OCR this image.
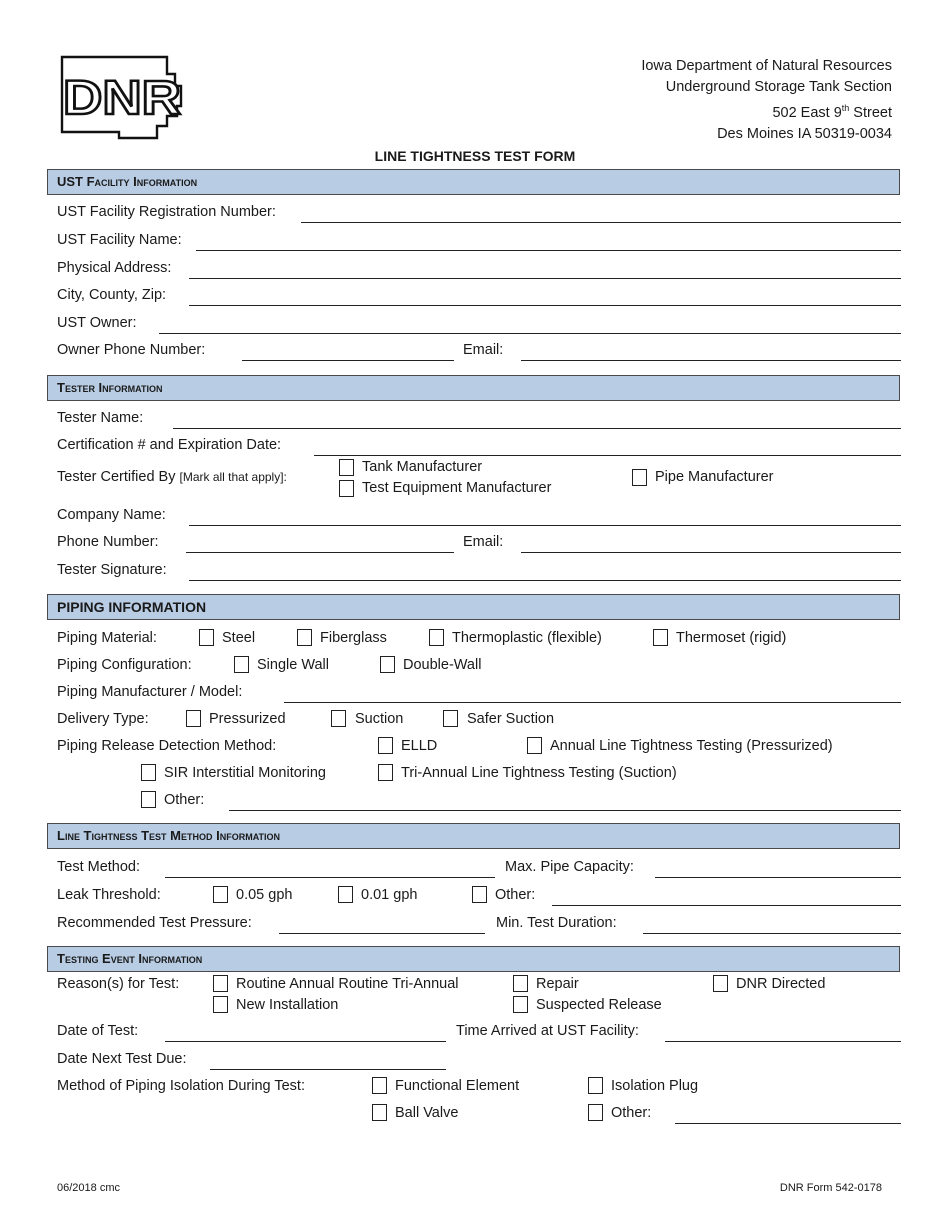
DNR
Iowa Department of Natural Resources
Underground Storage Tank Section
502 East 9th Street
Des Moines IA 50319-0034
LINE TIGHTNESS TEST FORM
UST Facility Information
UST Facility Registration Number:
UST Facility Name:
Physical Address:
City, County, Zip:
UST Owner:
Owner Phone Number:	Email:
Tester Information
Tester Name:
Certification # and Expiration Date:
Tester Certified By [Mark all that apply]:
Tank Manufacturer
Test Equipment Manufacturer
Pipe Manufacturer
Company Name:
Phone Number:	Email:
Tester Signature:
PIPING INFORMATION
Piping Material:	Steel	Fiberglass	Thermoplastic (flexible)	Thermoset (rigid)
Piping Configuration:	Single Wall	Double-Wall
Piping Manufacturer / Model:
Delivery Type:	Pressurized	Suction	Safer Suction
Piping Release Detection Method:	ELLD	Annual Line Tightness Testing (Pressurized)
SIR Interstitial Monitoring	Tri-Annual Line Tightness Testing (Suction)
Other:
Line Tightness Test Method Information
Test Method:	Max. Pipe Capacity:
Leak Threshold:	0.05 gph	0.01 gph	Other:
Recommended Test Pressure:	Min. Test Duration:
Testing Event Information
Reason(s) for Test:	Routine Annual Routine Tri-Annual	Repair	DNR Directed
New Installation	Suspected Release
Date of Test:	Time Arrived at UST Facility:
Date Next Test Due:
Method of Piping Isolation During Test:	Functional Element	Isolation Plug
Ball Valve	Other:
06/2018 cmc	DNR Form 542-0178
